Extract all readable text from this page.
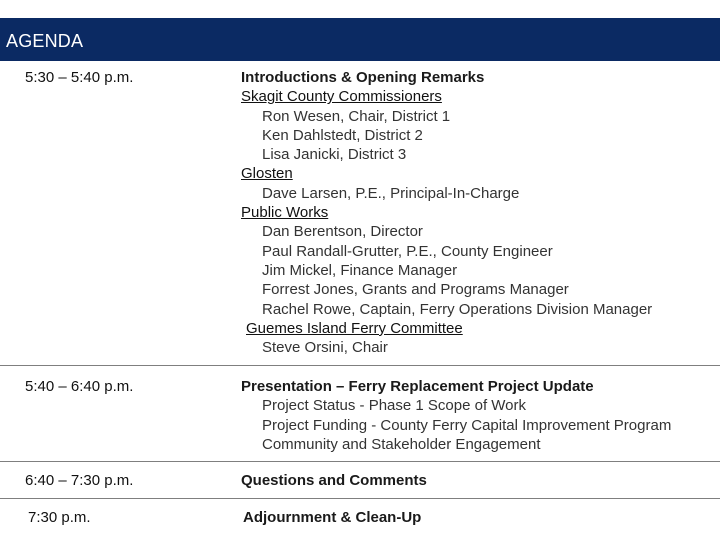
AGENDA
5:30 – 5:40 p.m.	Introductions & Opening Remarks
Skagit County Commissioners
Ron Wesen, Chair, District 1
Ken Dahlstedt, District 2
Lisa Janicki, District 3
Glosten
Dave Larsen, P.E., Principal-In-Charge
Public Works
Dan Berentson, Director
Paul Randall-Grutter, P.E., County Engineer
Jim Mickel, Finance Manager
Forrest Jones, Grants and Programs Manager
Rachel Rowe, Captain, Ferry Operations Division Manager
Guemes Island Ferry Committee
Steve Orsini, Chair
5:40 – 6:40 p.m.	Presentation – Ferry Replacement Project Update
Project Status - Phase 1 Scope of Work
Project Funding - County Ferry Capital Improvement Program
Community and Stakeholder Engagement
6:40 – 7:30 p.m.	Questions and Comments
7:30 p.m.	Adjournment & Clean-Up
